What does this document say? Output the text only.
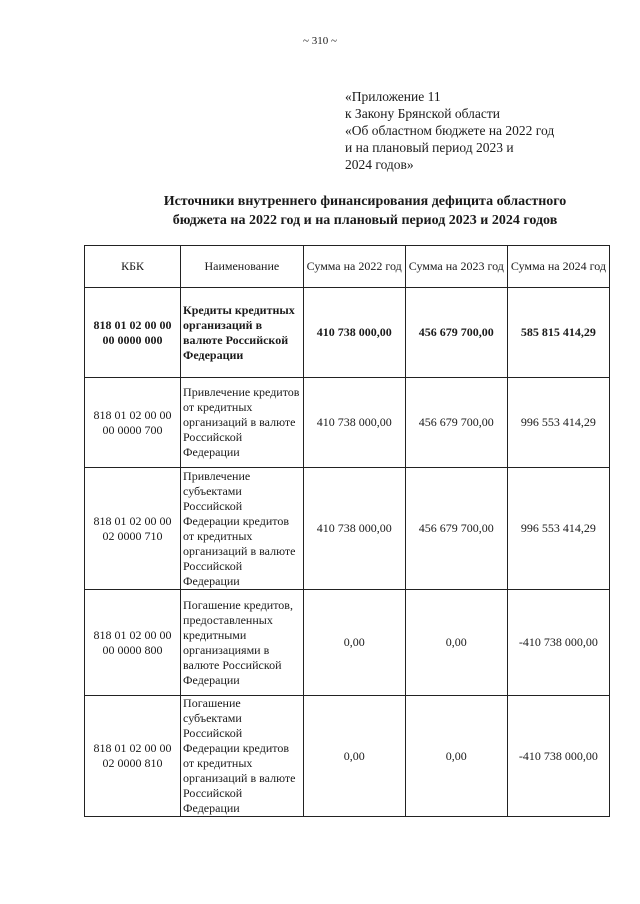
~ 310 ~
«Приложение 11
к Закону Брянской области
«Об областном бюджете на 2022 год
и на плановый период 2023 и
2024 годов»
Источники внутреннего финансирования дефицита областного
бюджета на 2022 год и на плановый период 2023 и 2024 годов
КБК	Наименование	Сумма на 2022 год	Сумма на 2023 год	Сумма на 2024 год
818 01 02 00 00 00 0000 000	Кредиты кредитных организаций в валюте Российской Федерации	410 738 000,00	456 679 700,00	585 815 414,29
818 01 02 00 00 00 0000 700	Привлечение кредитов от кредитных организаций в валюте Российской Федерации	410 738 000,00	456 679 700,00	996 553 414,29
818 01 02 00 00 02 0000 710	Привлечение субъектами Российской Федерации кредитов от кредитных организаций в валюте Российской Федерации	410 738 000,00	456 679 700,00	996 553 414,29
818 01 02 00 00 00 0000 800	Погашение кредитов, предоставленных кредитными организациями в валюте Российской Федерации	0,00	0,00	-410 738 000,00
818 01 02 00 00 02 0000 810	Погашение субъектами Российской Федерации кредитов от кредитных организаций в валюте Российской Федерации	0,00	0,00	-410 738 000,00
